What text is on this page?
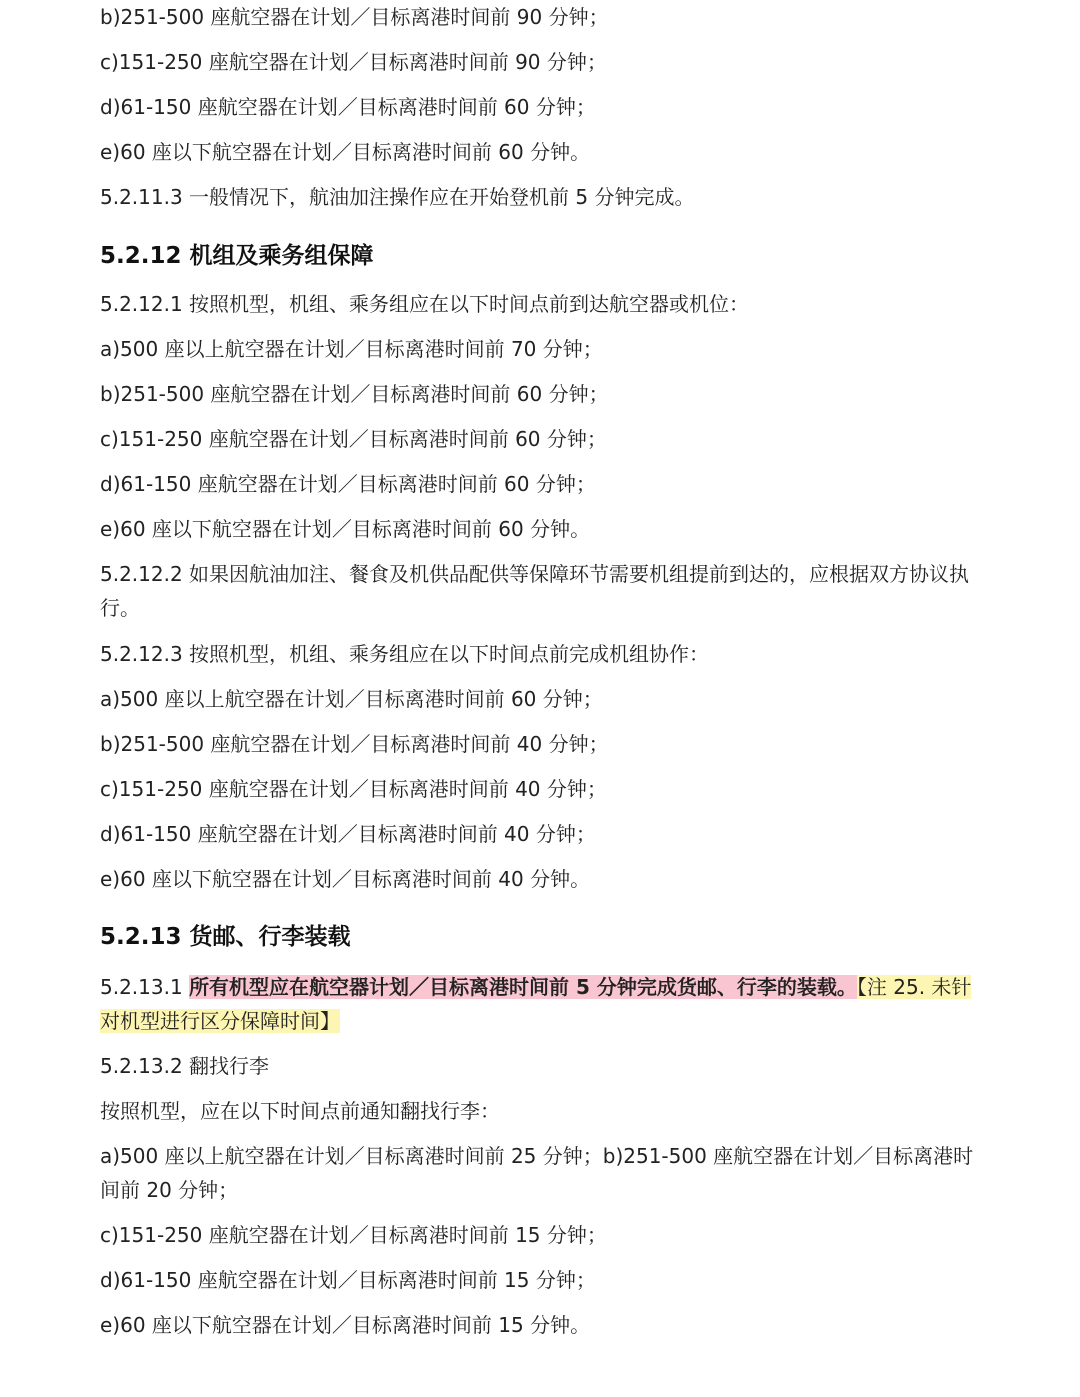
b)251-500 座航空器在计划／目标离港时间前 90 分钟；

c)151-250 座航空器在计划／目标离港时间前 90 分钟；

d)61-150 座航空器在计划／目标离港时间前 60 分钟；

e)60 座以下航空器在计划／目标离港时间前 60 分钟。

5.2.11.3 一般情况下，航油加注操作应在开始登机前 5 分钟完成。

5.2.12 机组及乘务组保障

5.2.12.1 按照机型，机组、乘务组应在以下时间点前到达航空器或机位：

a)500 座以上航空器在计划／目标离港时间前 70 分钟；

b)251-500 座航空器在计划／目标离港时间前 60 分钟；

c)151-250 座航空器在计划／目标离港时间前 60 分钟；

d)61-150 座航空器在计划／目标离港时间前 60 分钟；

e)60 座以下航空器在计划／目标离港时间前 60 分钟。

5.2.12.2 如果因航油加注、餐食及机供品配供等保障环节需要机组提前到达的，应根据双方协议执行。

5.2.12.3 按照机型，机组、乘务组应在以下时间点前完成机组协作：

a)500 座以上航空器在计划／目标离港时间前 60 分钟；

b)251-500 座航空器在计划／目标离港时间前 40 分钟；

c)151-250 座航空器在计划／目标离港时间前 40 分钟；

d)61-150 座航空器在计划／目标离港时间前 40 分钟；

e)60 座以下航空器在计划／目标离港时间前 40 分钟。

5.2.13 货邮、行李装载

5.2.13.1 所有机型应在航空器计划／目标离港时间前 5 分钟完成货邮、行李的装载。【注 25. 未针对机型进行区分保障时间】

5.2.13.2 翻找行李

按照机型，应在以下时间点前通知翻找行李：

a)500 座以上航空器在计划／目标离港时间前 25 分钟；b)251-500 座航空器在计划／目标离港时间前 20 分钟；

c)151-250 座航空器在计划／目标离港时间前 15 分钟；

d)61-150 座航空器在计划／目标离港时间前 15 分钟；

e)60 座以下航空器在计划／目标离港时间前 15 分钟。
